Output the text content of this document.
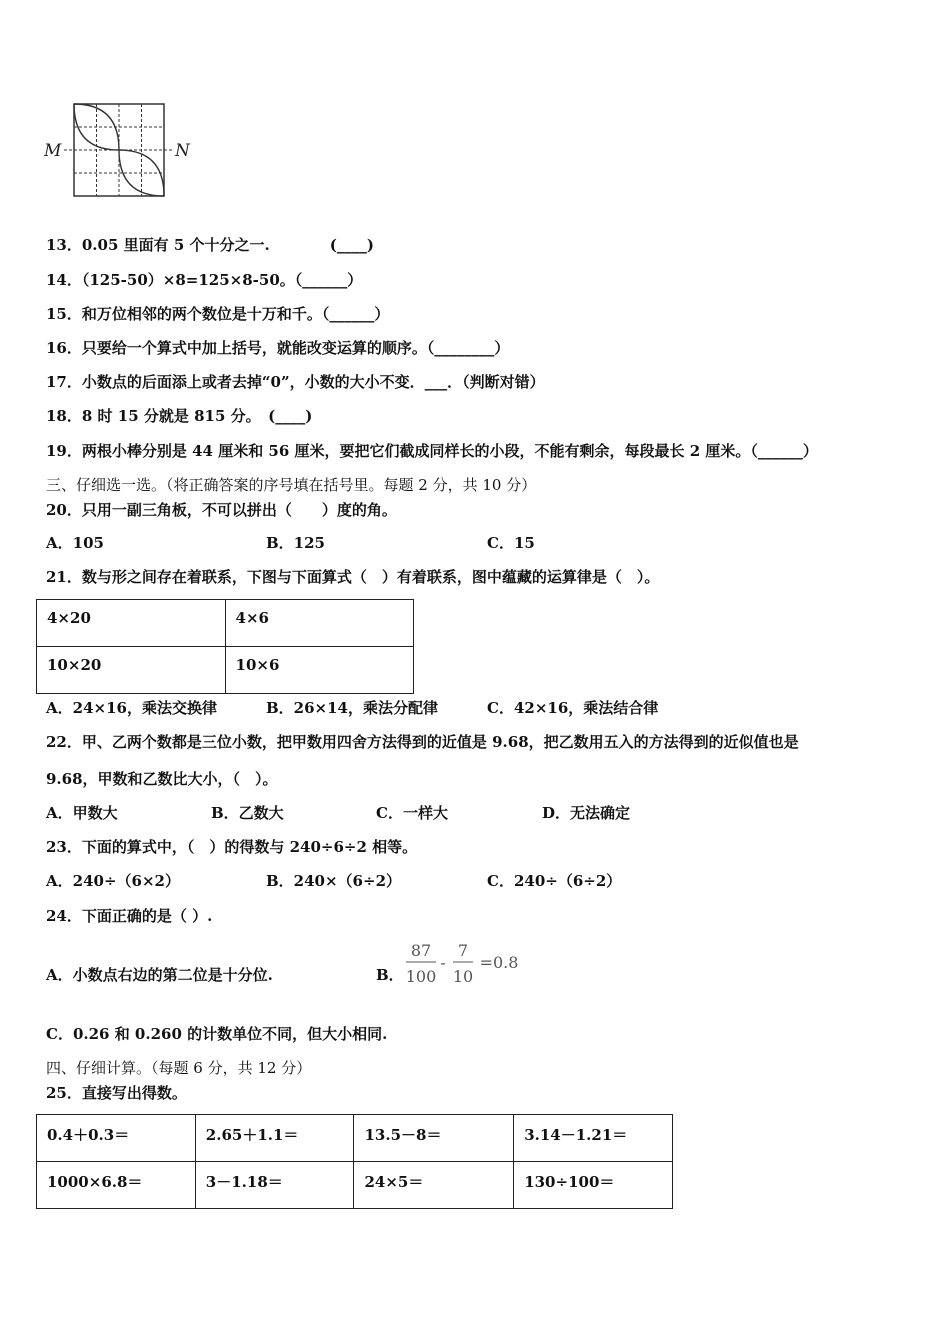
M	N
13．0.05 里面有 5 个十分之一.　　　　(____)
14．（125-50）×8=125×8-50。（______）
15．和万位相邻的两个数位是十万和千。（______）
16．只要给一个算式中加上括号，就能改变运算的顺序。（________）
17．小数点的后面添上或者去掉“0”，小数的大小不变．___．（判断对错）
18．8 时 15 分就是 815 分。　(____)
19．两根小棒分别是 44 厘米和 56 厘米，要把它们截成同样长的小段，不能有剩余，每段最长 2 厘米。（______）
三、仔细选一选。（将正确答案的序号填在括号里。每题 2 分，共 10 分）
20．只用一副三角板，不可以拼出（　　）度的角。
A．105	B．125	C．15
21．数与形之间存在着联系，下图与下面算式（　）有着联系，图中蕴藏的运算律是（　）。
4×20	4×6
10×20	10×6
A．24×16，乘法交换律	B．26×14，乘法分配律	C．42×16，乘法结合律
22．甲、乙两个数都是三位小数，把甲数用四舍方法得到的近值是 9.68，把乙数用五入的方法得到的近似值也是
9.68，甲数和乙数比大小，（　）。
A．甲数大	B．乙数大	C．一样大	D．无法确定
23．下面的算式中，（　）的得数与 240÷6÷2 相等。
A．240÷（6×2）	B．240×（6÷2）	C．240÷（6÷2）
24．下面正确的是（ ）.
A．小数点右边的第二位是十分位.	B．
87
100
-
7
10
=0.8
C．0.26 和 0.260 的计数单位不同，但大小相同.
四、仔细计算。（每题 6 分，共 12 分）
25．直接写出得数。
0.4＋0.3＝	2.65＋1.1＝	13.5－8＝	3.14－1.21＝
1000×6.8＝	3－1.18＝	24×5＝	130÷100＝
